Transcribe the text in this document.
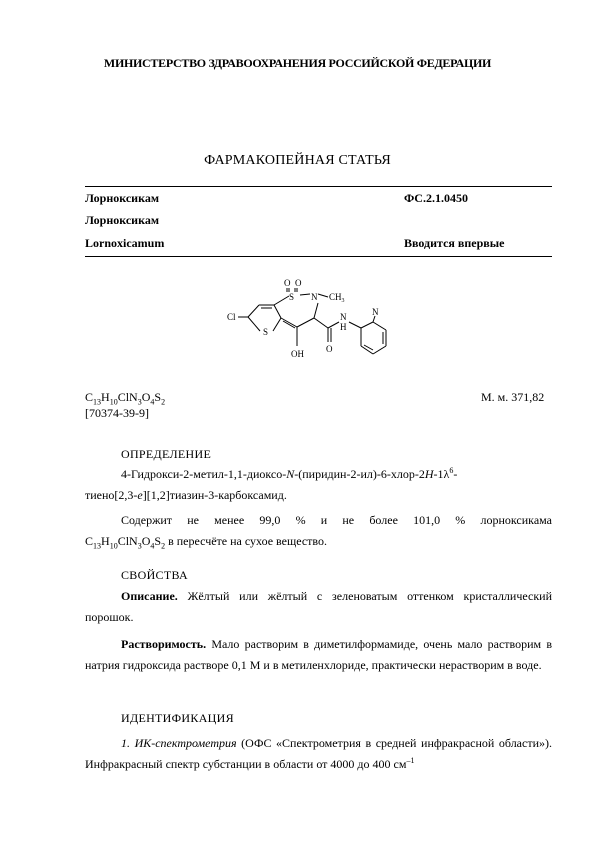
МИНИСТЕРСТВО ЗДРАВООХРАНЕНИЯ РОССИЙСКОЙ ФЕДЕРАЦИИ
ФАРМАКОПЕЙНАЯ СТАТЬЯ
Лорноксикам	ФС.2.1.0450
Лорноксикам
Lornoxicamum	Вводится впервые
Cl
S
S
O O
N $CH_3$
OH O
N
H
N
$C_{13}H_{10}ClN_3O_4S_2$	М. м. 371,82
[70374-39-9]
ОПРЕДЕЛЕНИЕ

$4-Гидрокси-2-метил-1,1-диоксо-N-(пиридин-2-ил)-6-хлор-2H-1\lambda^6-$

тиено[2,3-e][1,2]тиазин-3-карбоксамид.

Содержит не менее 99,0 % и не более 101,0 % лорноксикама

$C_{13}H_{10}ClN_3O_4S_2$ в пересчёте на сухое вещество.

СВОЙСТВА

Описание. Жёлтый или жёлтый с зеленоватым оттенком кристаллический порошок.

Растворимость. Мало растворим в диметилформамиде, очень мало растворим в натрия гидроксида растворе 0,1 М и в метиленхлориде, практически нерастворим в воде.

ИДЕНТИФИКАЦИЯ

1. ИК-спектрометрия (ОФС «Спектрометрия в средней инфракрасной области»). Инфракрасный спектр субстанции в области от 4000 до 400 $см^{-1}$
